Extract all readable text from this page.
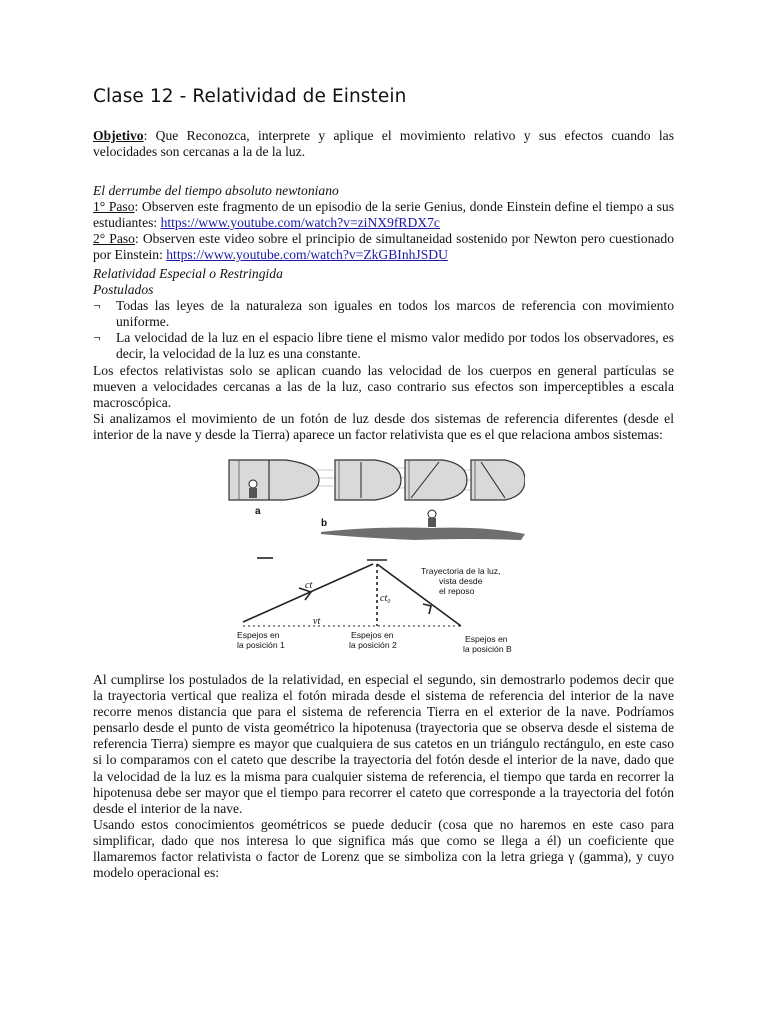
Clase 12 - Relatividad de Einstein

Objetivo: Que Reconozca, interprete y aplique el movimiento relativo y sus efectos cuando las velocidades son cercanas a la de la luz.

El derrumbe del tiempo absoluto newtoniano

1° Paso: Observen este fragmento de un episodio de la serie Genius, donde Einstein define el tiempo a sus estudiantes: https://www.youtube.com/watch?v=ziNX9fRDX7c

2° Paso: Observen este video sobre el principio de simultaneidad sostenido por Newton pero cuestionado por Einstein: https://www.youtube.com/watch?v=ZkGBInhJSDU

Relatividad Especial o Restringida

Postulados

¬ Todas las leyes de la naturaleza son iguales en todos los marcos de referencia con movimiento uniforme.

¬ La velocidad de la luz en el espacio libre tiene el mismo valor medido por todos los observadores, es decir, la velocidad de la luz es una constante.

Los efectos relativistas solo se aplican cuando las velocidad de los cuerpos en general partículas se mueven a velocidades cercanas a las de la luz, caso contrario sus efectos son imperceptibles a escala macroscópica.

Si analizamos el movimiento de un fotón de luz desde dos sistemas de referencia diferentes (desde el interior de la nave y desde la Tierra) aparece un factor relativista que es el que relaciona ambos sistemas:

a
b
ct
ct₀
vt
Espejos en
la posición 1
Espejos en
la posición 2
Espejos en
la posición B
Trayectoria de la luz,
vista desde
el reposo

Al cumplirse los postulados de la relatividad, en especial el segundo, sin demostrarlo podemos decir que la trayectoria vertical que realiza el fotón mirada desde el sistema de referencia del interior de la nave recorre menos distancia que para el sistema de referencia Tierra en el exterior de la nave. Podríamos pensarlo desde el punto de vista geométrico la hipotenusa (trayectoria que se observa desde el sistema de referencia Tierra) siempre es mayor que cualquiera de sus catetos en un triángulo rectángulo, en este caso si lo comparamos con el cateto que describe la trayectoria del fotón desde el interior de la nave, dado que la velocidad de la luz es la misma para cualquier sistema de referencia, el tiempo que tarda en recorrer la hipotenusa debe ser mayor que el tiempo para recorrer el cateto que corresponde a la trayectoria del fotón desde el interior de la nave.

Usando estos conocimientos geométricos se puede deducir (cosa que no haremos en este caso para simplificar, dado que nos interesa lo que significa más que como se llega a él) un coeficiente que llamaremos factor relativista o factor de Lorenz que se simboliza con la letra griega γ (gamma), y cuyo modelo operacional es:
